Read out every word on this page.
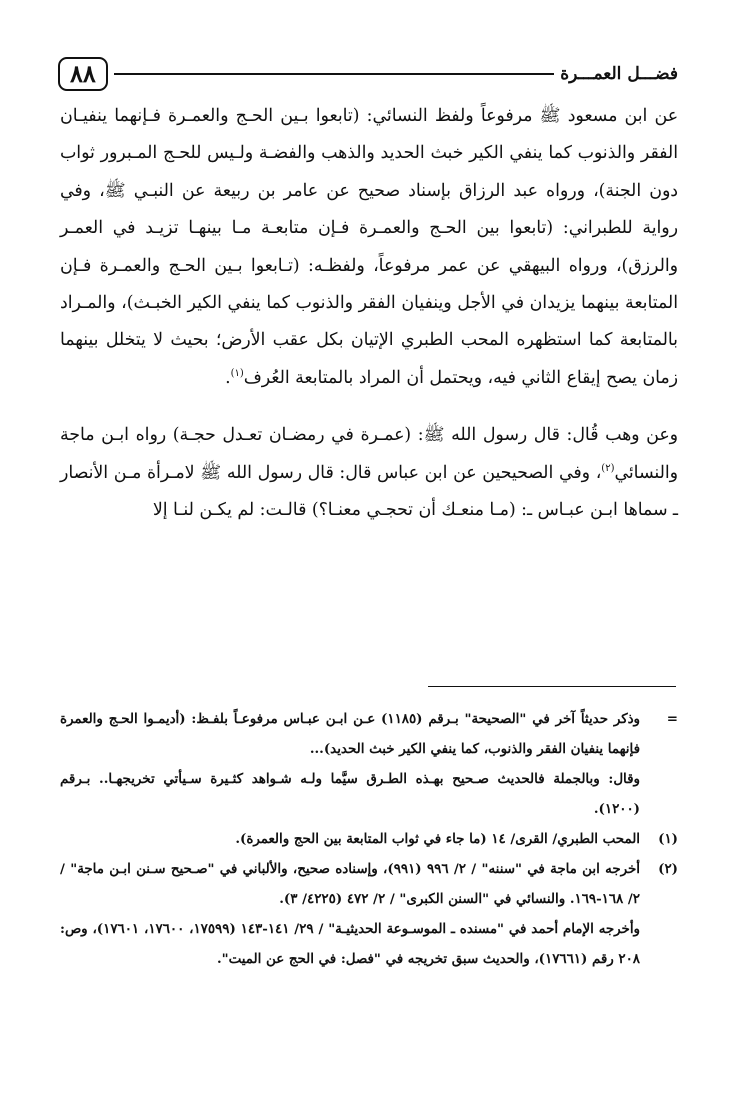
٨٨	فضـــل العمـــرة

عن ابن مسعود ﷺ مرفوعاً ولفظ النسائي: (تابعوا بـين الحـج والعمـرة فـإنهما ينفيـان الفقر والذنوب كما ينفي الكير خبث الحديد والذهب والفضـة ولـيس للحـج المـبرور ثواب دون الجنة)، ورواه عبد الرزاق بإسناد صحيح عن عامر بن ربيعة عن النبـي ﷺ، وفي رواية للطبراني: (تابعوا بين الحـج والعمـرة فـإن متابعـة مـا بينهـا تزيـد في العمـر والرزق)، ورواه البيهقي عن عمر مرفوعاً، ولفظـه: (تـابعوا بـين الحـج والعمـرة فـإن المتابعة بينهما يزيدان في الأجل وينفيان الفقر والذنوب كما ينفي الكير الخبـث)، والمـراد بالمتابعة كما استظهره المحب الطبري الإتيان بكل عقب الأرض؛ بحيث لا يتخلل بينهما زمان يصح إيقاع الثاني فيه، ويحتمل أن المراد بالمتابعة العُرف$^{(١)}$.

وعن وهب قُال: قال رسول الله ﷺ: (عمـرة في رمضـان تعـدل حجـة) رواه ابـن ماجة والنسائي$^{(٢)}$، وفي الصحيحين عن ابن عباس قال: قال رسول الله ﷺ لامـرأة مـن الأنصار ـ سماها ابـن عبـاس ـ: (مـا منعـك أن تحجـي معنـا؟) قالـت: لم يكـن لنـا إلا

=
وذكر حديثاً آخر في "الصحيحة" بـرقم (١١٨٥) عـن ابـن عبـاس مرفوعـاً بلفـظ: (أديمـوا الحـج والعمرة فإنهما ينفيان الفقر والذنوب، كما ينفي الكير خبث الحديد)...
وقال: وبالجملة فالحديث صـحيح بهـذه الطـرق سيَّما ولـه شـواهد كثـيرة سـيأتي تخريجهـا.. بـرقم (١٢٠٠).
(١)
المحب الطبري/ القرى/ ١٤ (ما جاء في ثواب المتابعة بين الحج والعمرة).
(٢)
أخرجه ابن ماجة في "سننه" / ٢/ ٩٩٦ (٩٩١)، وإسناده صحيح، والألباني في "صـحيح سـنن ابـن ماجة" / ٢/ ١٦٨-١٦٩. والنسائي في "السنن الكبرى" / ٢/ ٤٧٢ (٤٢٢٥/ ٣).
وأخرجه الإمام أحمد في "مسنده ـ الموسـوعة الحديثيـة" / ٢٩/ ١٤١-١٤٣ (١٧٥٩٩، ١٧٦٠٠، ١٧٦٠١)، وص: ٢٠٨ رقم (١٧٦٦١)، والحديث سبق تخريجه في "فصل: في الحج عن الميت".
